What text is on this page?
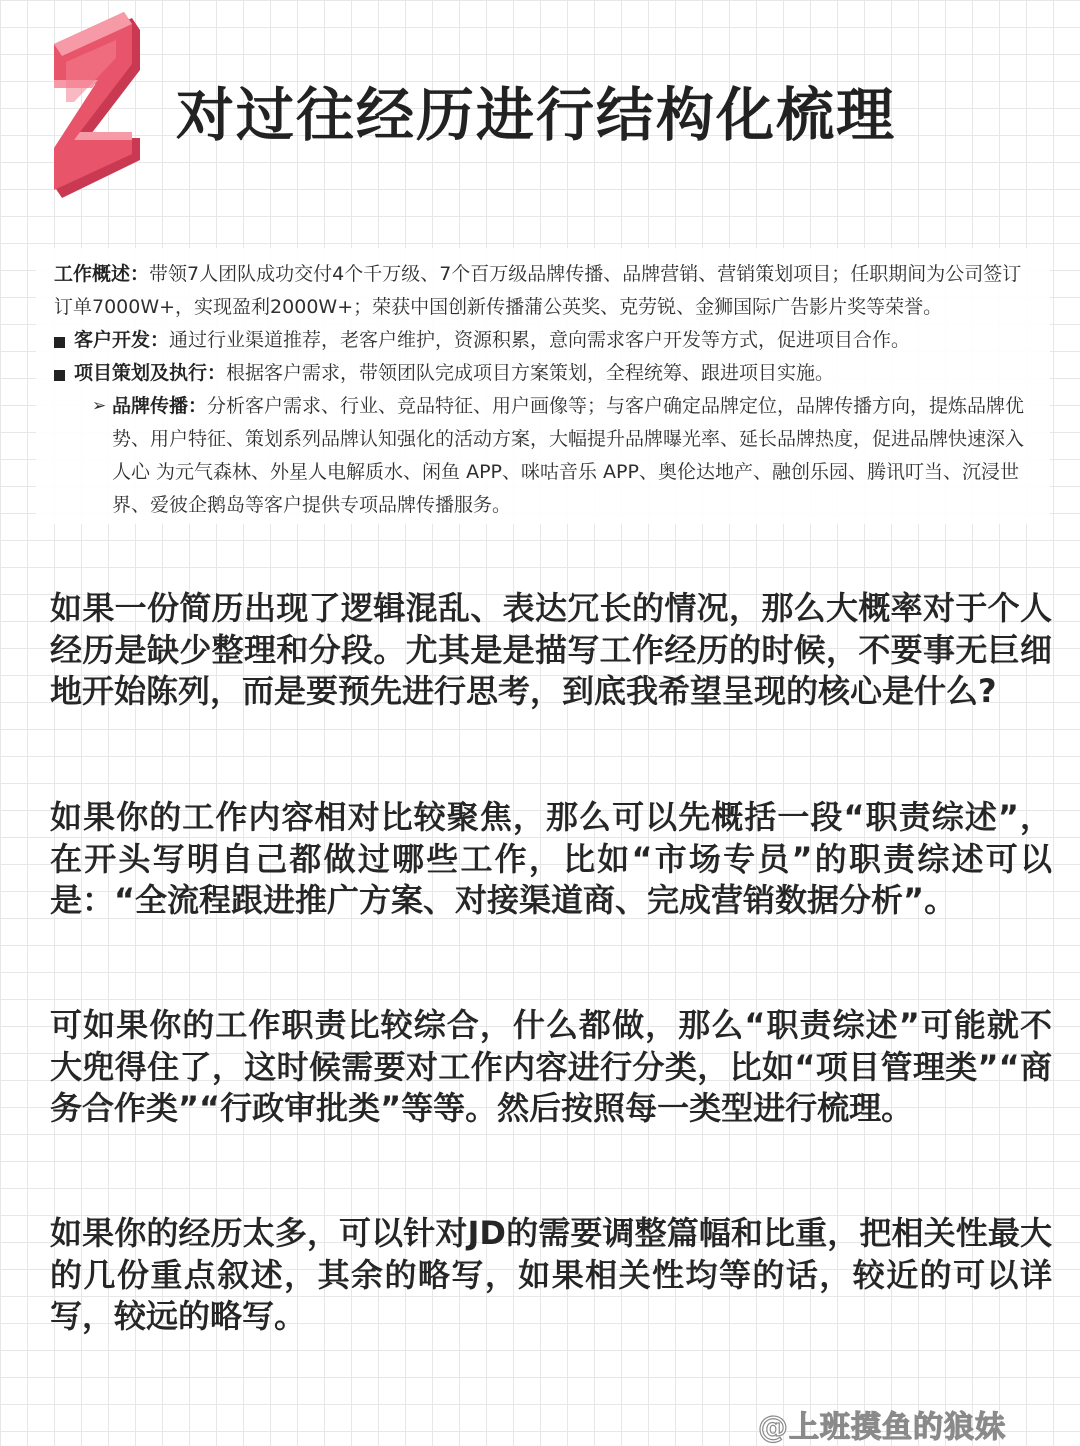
对过往经历进行结构化梳理
工作概述：带领7人团队成功交付4个千万级、7个百万级品牌传播、品牌营销、营销策划项目；任职期间为公司签订订单7000W+，实现盈利2000W+；荣获中国创新传播蒲公英奖、克劳锐、金狮国际广告影片奖等荣誉。
客户开发：通过行业渠道推荐，老客户维护，资源积累，意向需求客户开发等方式，促进项目合作。
项目策划及执行：根据客户需求，带领团队完成项目方案策划，全程统筹、跟进项目实施。
➢ 品牌传播：分析客户需求、行业、竞品特征、用户画像等；与客户确定品牌定位，品牌传播方向，提炼品牌优势、用户特征、策划系列品牌认知强化的活动方案，大幅提升品牌曝光率、延长品牌热度，促进品牌快速深入人心 为元气森林、外星人电解质水、闲鱼 APP、咪咕音乐 APP、奥伦达地产、融创乐园、腾讯叮当、沉浸世界、爱彼企鹅岛等客户提供专项品牌传播服务。
如果一份简历出现了逻辑混乱、表达冗长的情况，那么大概率对于个人经历是缺少整理和分段。尤其是是描写工作经历的时候，不要事无巨细地开始陈列，而是要预先进行思考，到底我希望呈现的核心是什么?
如果你的工作内容相对比较聚焦，那么可以先概括一段“职责综述”，在开头写明自己都做过哪些工作，比如“市场专员”的职责综述可以是：“全流程跟进推广方案、对接渠道商、完成营销数据分析”。
可如果你的工作职责比较综合，什么都做，那么“职责综述”可能就不大兜得住了，这时候需要对工作内容进行分类，比如“项目管理类”“商务合作类”“行政审批类”等等。然后按照每一类型进行梳理。
如果你的经历太多，可以针对JD的需要调整篇幅和比重，把相关性最大的几份重点叙述，其余的略写，如果相关性均等的话，较近的可以详写，较远的略写。
@上班摸鱼的狼妹
